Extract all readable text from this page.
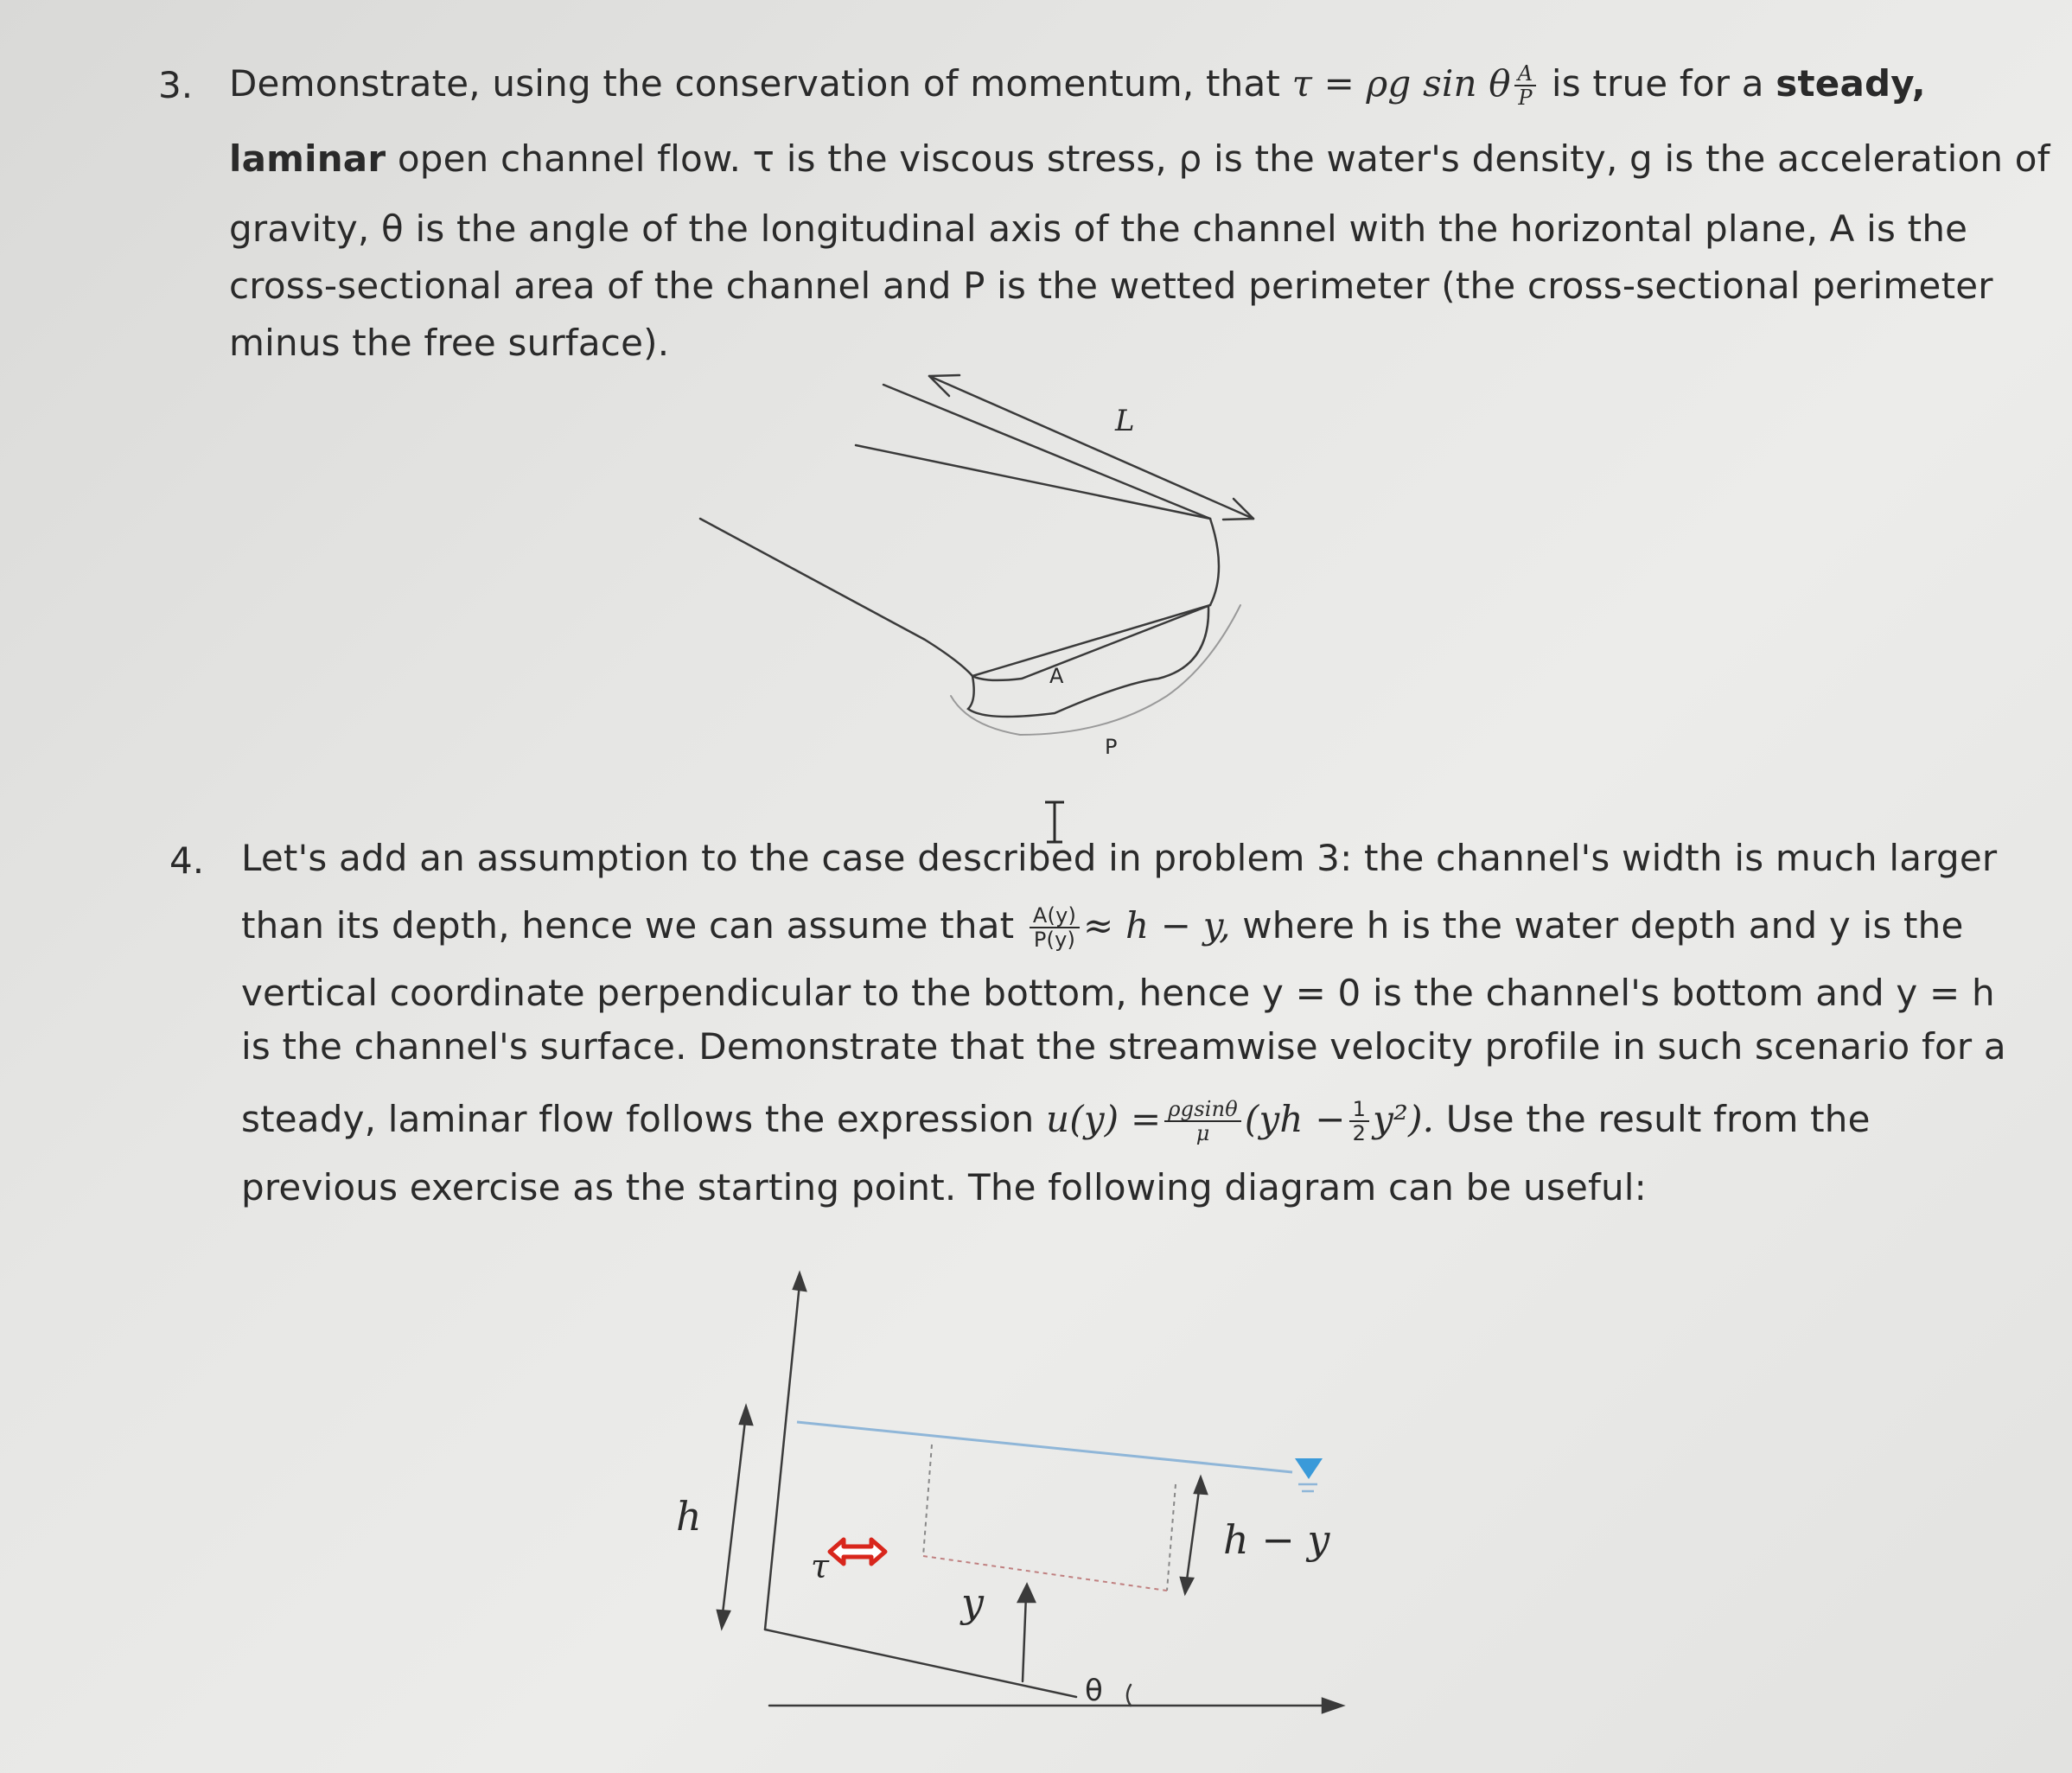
3. Demonstrate, using the conservation of momentum, that τ = ρg sin θ $\frac{A}{P}$ is true for a steady,
laminar open channel flow. τ is the viscous stress, ρ is the water's density, g is the acceleration of
gravity, θ is the angle of the longitudinal axis of the channel with the horizontal plane, A is the
cross-sectional area of the channel and P is the wetted perimeter (the cross-sectional perimeter
minus the free surface).
L
A
P
4. Let's add an assumption to the case described in problem 3: the channel's width is much larger
than its depth, hence we can assume that $\frac{A(y)}{P(y)} \approx h - y$, where h is the water depth and y is the
vertical coordinate perpendicular to the bottom, hence y = 0 is the channel's bottom and y = h
is the channel's surface. Demonstrate that the streamwise velocity profile in such scenario for a
steady, laminar flow follows the expression $u(y) = \frac{\rho gsin\theta}{\mu} (yh - \frac{1}{2} y^2)$. Use the result from the
previous exercise as the starting point. The following diagram can be useful:
h
τ
y
h − y
θ
